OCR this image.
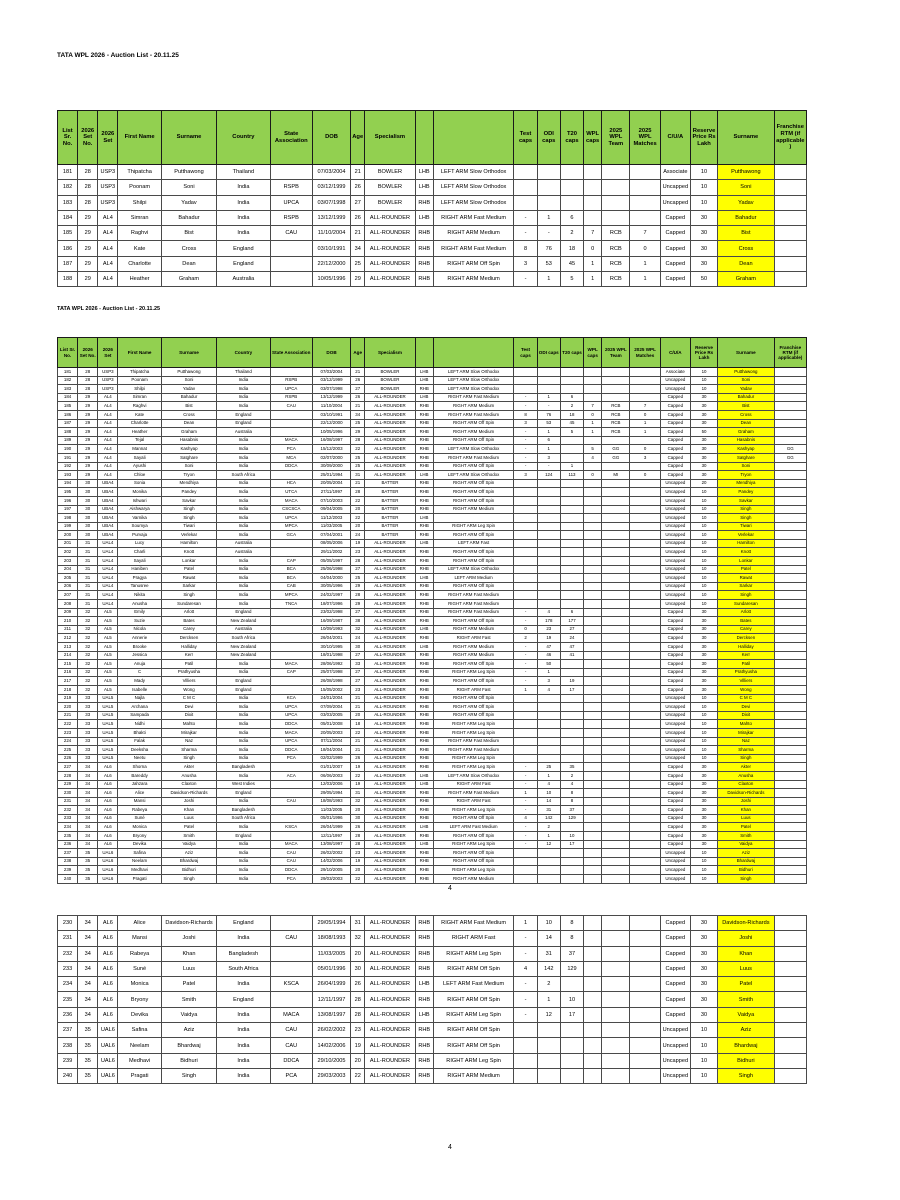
TATA WPL 2026 - Auction List - 20.11.25
List Sr. No.	2026 Set No.	2026 Set	First Name	Surname	Country	State Association	DOB	Age	Specialism			Test caps	ODI caps	T20 caps	WPL caps	2025 WPL Team	2025 WPL Matches	C/U/A	Reserve Price Rs Lakh	Surname	Franchise RTM (if applicable)
181	28	USP3	Thipatcha	Putthawong	Thailand		07/03/2004	21	BOWLER	LHB	LEFT ARM Slow Orthodox							Associate	10	Putthawong	
182	28	USP3	Poonam	Soni	India	RSPB	03/12/1999	26	BOWLER	LHB	LEFT ARM Slow Orthodox							Uncapped	10	Soni	
183	28	USP3	Shilpi	Yadav	India	UPCA	03/07/1998	27	BOWLER	RHB	LEFT ARM Slow Orthodox							Uncapped	10	Yadav	
184	29	AL4	Simran	Bahadur	India	RSPB	13/12/1999	26	ALL-ROUNDER	LHB	RIGHT ARM Fast Medium	-	1	6				Capped	30	Bahadur	
185	29	AL4	Raghvi	Bist	India	CAU	11/10/2004	21	ALL-ROUNDER	RHB	RIGHT ARM Medium	-	-	2	7	RCB	7	Capped	30	Bist	
186	29	AL4	Kate	Cross	England		03/10/1991	34	ALL-ROUNDER	RHB	RIGHT ARM Fast Medium	8	76	18	0	RCB	0	Capped	30	Cross	
187	29	AL4	Charlotte	Dean	England		22/12/2000	25	ALL-ROUNDER	RHB	RIGHT ARM Off Spin	3	53	45	1	RCB	1	Capped	30	Dean	
188	29	AL4	Heather	Graham	Australia		10/05/1996	29	ALL-ROUNDER	RHB	RIGHT ARM Medium	-	1	5	1	RCB	1	Capped	50	Graham	
TATA WPL 2026 - Auction List - 20.11.25
List Sr. No.	2026 Set No.	2026 Set	First Name	Surname	Country	State Association	DOB	Age	Specialism			Test caps	ODI caps	T20 caps	WPL caps	2025 WPL Team	2025 WPL Matches	C/U/A	Reserve Price Rs Lakh	Surname	Franchise RTM (if applicable)
181	28	USP3	Thipatcha	Putthawong	Thailand		07/03/2004	21	BOWLER	LHB	LEFT ARM Slow Orthodox							Associate	10	Putthawong	
182	28	USP3	Poonam	Soni	India	RSPB	03/12/1999	26	BOWLER	LHB	LEFT ARM Slow Orthodox							Uncapped	10	Soni	
183	28	USP3	Shilpi	Yadav	India	UPCA	03/07/1998	27	BOWLER	RHB	LEFT ARM Slow Orthodox							Uncapped	10	Yadav	
184	29	AL4	Simran	Bahadur	India	RSPB	13/12/1999	26	ALL-ROUNDER	LHB	RIGHT ARM Fast Medium	-	1	6				Capped	30	Bahadur	
185	29	AL4	Raghvi	Bist	India	CAU	11/10/2004	21	ALL-ROUNDER	RHB	RIGHT ARM Medium	-	-	2	7	RCB	7	Capped	30	Bist	
186	29	AL4	Kate	Cross	England		03/10/1991	34	ALL-ROUNDER	RHB	RIGHT ARM Fast Medium	8	76	18	0	RCB	0	Capped	30	Cross	
187	29	AL4	Charlotte	Dean	England		22/12/2000	25	ALL-ROUNDER	RHB	RIGHT ARM Off Spin	3	53	45	1	RCB	1	Capped	30	Dean	
188	29	AL4	Heather	Graham	Australia		10/05/1996	29	ALL-ROUNDER	RHB	RIGHT ARM Medium	-	1	5	1	RCB	1	Capped	50	Graham	
189	29	AL4	Tejal	Hasabnis	India	MACA	16/08/1997	28	ALL-ROUNDER	RHB	RIGHT ARM Off Spin	-	6					Capped	30	Hasabnis	
190	29	AL4	Mannat	Kashyap	India	PCA	15/12/2003	22	ALL-ROUNDER	RHB	LEFT ARM Slow Orthodox	-	1		5	GG	0	Capped	30	Kashyap	GG
191	29	AL4	Sayali	Satghare	India	MCA	02/07/2000	25	ALL-ROUNDER	RHB	RIGHT ARM Fast Medium	-	3		4	GG	3	Capped	30	Satghare	GG
192	29	AL4	Ayushi	Soni	India	DDCA	30/09/2000	25	ALL-ROUNDER	RHB	RIGHT ARM Off Spin	-	-	1				Capped	30	Soni	
193	29	AL4	Chloe	Tryon	South Africa		25/01/1994	31	ALL-ROUNDER	LHB	LEFT ARM Slow Orthodox	3	124	113	0	MI	0	Capped	30	Tryon	
194	30	UBA4	Sonia	Mendhiya	India	HCA	20/05/2004	21	BATTER	RHB	RIGHT ARM Off Spin							Uncapped	20	Mendhiya	
195	30	UBA4	Monika	Pandey	India	UTCA	27/11/1997	28	BATTER	RHB	RIGHT ARM Off Spin							Uncapped	10	Pandey	
196	30	UBA4	Ishwari	Savkar	India	MACA	07/10/2003	22	BATTER	RHB	RIGHT ARM Off Spin							Uncapped	10	Savkar	
197	30	UBA4	Aishwarya	Singh	India	CSCSCA	09/04/2005	20	BATTER	RHB	RIGHT ARM Medium							Uncapped	10	Singh	
198	30	UBA4	Varnika	Singh	India	UPCA	11/12/2003	22	BATTER	LHB								Uncapped	10	Singh	
199	30	UBA4	Soumya	Tiwari	India	MPCA	11/03/2005	20	BATTER	RHB	RIGHT ARM Leg Spin							Uncapped	10	Tiwari	
200	30	UBA4	Purvaja	Verlekar	India	GCA	07/04/2001	24	BATTER	RHB	RIGHT ARM Off Spin							Uncapped	10	Verlekar	
201	31	UAL4	Lucy	Hamilton	Australia		08/05/2006	19	ALL-ROUNDER	LHB	LEFT ARM Fast							Uncapped	10	Hamilton	
202	31	UAL4	Charli	Knott	Australia		29/11/2002	23	ALL-ROUNDER	RHB	RIGHT ARM Off Spin							Uncapped	10	Knott	
203	31	UAL4	Sayali	Lonkar	India	CAP	05/05/1997	28	ALL-ROUNDER	RHB	RIGHT ARM Off Spin							Uncapped	10	Lonkar	
204	31	UAL4	Haniben	Patel	India	BCA	25/06/1998	27	ALL-ROUNDER	RHB	LEFT ARM Slow Orthodox							Uncapped	10	Patel	
205	31	UAL4	Pragya	Rawat	India	BCA	04/04/2000	25	ALL-ROUNDER	LHB	LEFT ARM Medium							Uncapped	10	Rawat	
206	31	UAL4	Tanusree	Sarkar	India	CAB	30/05/1996	29	ALL-ROUNDER	RHB	RIGHT ARM Off Spin							Uncapped	10	Sarkar	
207	31	UAL4	Nikita	Singh	India	MPCA	24/02/1997	28	ALL-ROUNDER	RHB	RIGHT ARM Fast Medium							Uncapped	10	Singh	
208	31	UAL4	Anusha	Sundaresan	India	TNCA	18/07/1996	29	ALL-ROUNDER	RHB	RIGHT ARM Fast Medium							Uncapped	10	Sundaresan	
209	32	AL5	Emily	Arlott	England		23/02/1998	27	ALL-ROUNDER	RHB	RIGHT ARM Fast Medium	-	4	6				Capped	30	Arlott	
210	32	AL5	Suzie	Bates	New Zealand		16/09/1987	38	ALL-ROUNDER	RHB	RIGHT ARM Off Spin	-	178	177				Capped	30	Bates	
211	32	AL5	Nicola	Carey	Australia		10/09/1993	32	ALL-ROUNDER	LHB	RIGHT ARM Medium	0	23	27				Capped	30	Carey	
212	32	AL5	Annerie	Dercksen	South Africa		26/04/2001	24	ALL-ROUNDER	RHB	RIGHT ARM Fast	2	19	24				Capped	30	Dercksen	
213	32	AL5	Brooke	Halliday	New Zealand		30/10/1995	30	ALL-ROUNDER	LHB	RIGHT ARM Medium	-	47	47				Capped	30	Halliday	
214	32	AL5	Jessica	Kerr	New Zealand		18/01/1998	27	ALL-ROUNDER	RHB	RIGHT ARM Medium	-	46	41				Capped	30	Kerr	
215	32	AL5	Anuja	Patil	India	MACA	28/06/1992	33	ALL-ROUNDER	RHB	RIGHT ARM Off Spin	-	50					Capped	30	Patil	
216	32	AL5	C	Prathyusha	India	CAP	25/07/1998	27	ALL-ROUNDER	RHB	RIGHT ARM Leg Spin	-	1					Capped	30	Prathyusha	
217	32	AL5	Mady	Villiers	England		26/08/1998	27	ALL-ROUNDER	RHB	RIGHT ARM Off Spin	-	3	19				Capped	30	Villiers	
218	32	AL5	Isabelle	Wong	England		15/05/2002	23	ALL-ROUNDER	RHB	RIGHT ARM Fast	1	4	17				Capped	30	Wong	
219	33	UAL5	Najla	C M C	India	KCA	24/01/2004	21	ALL-ROUNDER	RHB	RIGHT ARM Off Spin							Uncapped	10	C M C	
220	33	UAL5	Archana	Devi	India	UPCA	07/09/2004	21	ALL-ROUNDER	RHB	RIGHT ARM Off Spin							Uncapped	10	Devi	
221	33	UAL5	Sampada	Dixit	India	UPCA	03/03/2005	20	ALL-ROUNDER	RHB	RIGHT ARM Off Spin							Uncapped	10	Dixit	
222	33	UAL5	Nidhi	Mahto	India	DDCA	05/01/2008	18	ALL-ROUNDER	RHB	RIGHT ARM Leg Spin							Uncapped	10	Mahto	
223	33	UAL5	Bhakti	Mirajkar	India	MACA	20/05/2003	22	ALL-ROUNDER	RHB	RIGHT ARM Leg Spin							Uncapped	10	Mirajkar	
224	33	UAL5	Falak	Naz	India	UPCA	07/11/2004	21	ALL-ROUNDER	RHB	RIGHT ARM Fast Medium							Uncapped	10	Naz	
225	33	UAL5	Deeksha	Sharma	India	DDCA	18/04/2004	21	ALL-ROUNDER	RHB	RIGHT ARM Fast Medium							Uncapped	10	Sharma	
226	33	UAL5	Neetu	Singh	India	PCA	02/02/1999	26	ALL-ROUNDER	RHB	RIGHT ARM Leg Spin							Uncapped	10	Singh	
227	34	AL6	Shorna	Akter	Bangladesh		01/01/2007	19	ALL-ROUNDER	RHB	RIGHT ARM Leg Spin	-	25	35				Capped	30	Akter	
228	34	AL6	Bareddy	Anusha	India	ACA	06/06/2003	22	ALL-ROUNDER	LHB	LEFT ARM Slow Orthodox	-	1	2				Capped	30	Anusha	
229	34	AL6	Jahzara	Claxton	West Indies		12/03/2006	19	ALL-ROUNDER	LHB	RIGHT ARM Fast	-	4	4				Capped	30	Claxton	
230	34	AL6	Alice	Davidson-Richards	England		29/05/1994	31	ALL-ROUNDER	RHB	RIGHT ARM Fast Medium	1	10	8				Capped	30	Davidson-Richards	
231	34	AL6	Mansi	Joshi	India	CAU	18/08/1993	32	ALL-ROUNDER	RHB	RIGHT ARM Fast	-	14	8				Capped	30	Joshi	
232	34	AL6	Rabeya	Khan	Bangladesh		11/03/2005	20	ALL-ROUNDER	RHB	RIGHT ARM Leg Spin	-	31	37				Capped	30	Khan	
233	34	AL6	Suné	Luus	South Africa		05/01/1996	30	ALL-ROUNDER	RHB	RIGHT ARM Off Spin	4	142	129				Capped	30	Luus	
234	34	AL6	Monica	Patel	India	KSCA	26/04/1999	26	ALL-ROUNDER	LHB	LEFT ARM Fast Medium	-	2					Capped	30	Patel	
235	34	AL6	Bryony	Smith	England		12/11/1997	28	ALL-ROUNDER	RHB	RIGHT ARM Off Spin	-	1	10				Capped	30	Smith	
236	34	AL6	Devika	Vaidya	India	MACA	13/08/1997	28	ALL-ROUNDER	LHB	RIGHT ARM Leg Spin	-	12	17				Capped	30	Vaidya	
237	35	UAL6	Safina	Aziz	India	CAU	26/02/2002	23	ALL-ROUNDER	RHB	RIGHT ARM Off Spin							Uncapped	10	Aziz	
238	35	UAL6	Neelam	Bhardwaj	India	CAU	14/02/2006	19	ALL-ROUNDER	RHB	RIGHT ARM Off Spin							Uncapped	10	Bhardwaj	
239	35	UAL6	Medhavi	Bidhuri	India	DDCA	29/10/2005	20	ALL-ROUNDER	RHB	RIGHT ARM Leg Spin							Uncapped	10	Bidhuri	
240	35	UAL6	Pragati	Singh	India	PCA	29/03/2003	22	ALL-ROUNDER	RHB	RIGHT ARM Medium							Uncapped	10	Singh	
4
230	34	AL6	Alice	Davidson-Richards	England		29/05/1994	31	ALL-ROUNDER	RHB	RIGHT ARM Fast Medium	1	10	8				Capped	30	Davidson-Richards	
231	34	AL6	Mansi	Joshi	India	CAU	18/08/1993	32	ALL-ROUNDER	RHB	RIGHT ARM Fast	-	14	8				Capped	30	Joshi	
232	34	AL6	Rabeya	Khan	Bangladesh		11/03/2005	20	ALL-ROUNDER	RHB	RIGHT ARM Leg Spin	-	31	37				Capped	30	Khan	
233	34	AL6	Suné	Luus	South Africa		05/01/1996	30	ALL-ROUNDER	RHB	RIGHT ARM Off Spin	4	142	129				Capped	30	Luus	
234	34	AL6	Monica	Patel	India	KSCA	26/04/1999	26	ALL-ROUNDER	LHB	LEFT ARM Fast Medium	-	2					Capped	30	Patel	
235	34	AL6	Bryony	Smith	England		12/11/1997	28	ALL-ROUNDER	RHB	RIGHT ARM Off Spin	-	1	10				Capped	30	Smith	
236	34	AL6	Devika	Vaidya	India	MACA	13/08/1997	28	ALL-ROUNDER	LHB	RIGHT ARM Leg Spin	-	12	17				Capped	30	Vaidya	
237	35	UAL6	Safina	Aziz	India	CAU	26/02/2002	23	ALL-ROUNDER	RHB	RIGHT ARM Off Spin							Uncapped	10	Aziz	
238	35	UAL6	Neelam	Bhardwaj	India	CAU	14/02/2006	19	ALL-ROUNDER	RHB	RIGHT ARM Off Spin							Uncapped	10	Bhardwaj	
239	35	UAL6	Medhavi	Bidhuri	India	DDCA	29/10/2005	20	ALL-ROUNDER	RHB	RIGHT ARM Leg Spin							Uncapped	10	Bidhuri	
240	35	UAL6	Pragati	Singh	India	PCA	29/03/2003	22	ALL-ROUNDER	RHB	RIGHT ARM Medium							Uncapped	10	Singh	
4
